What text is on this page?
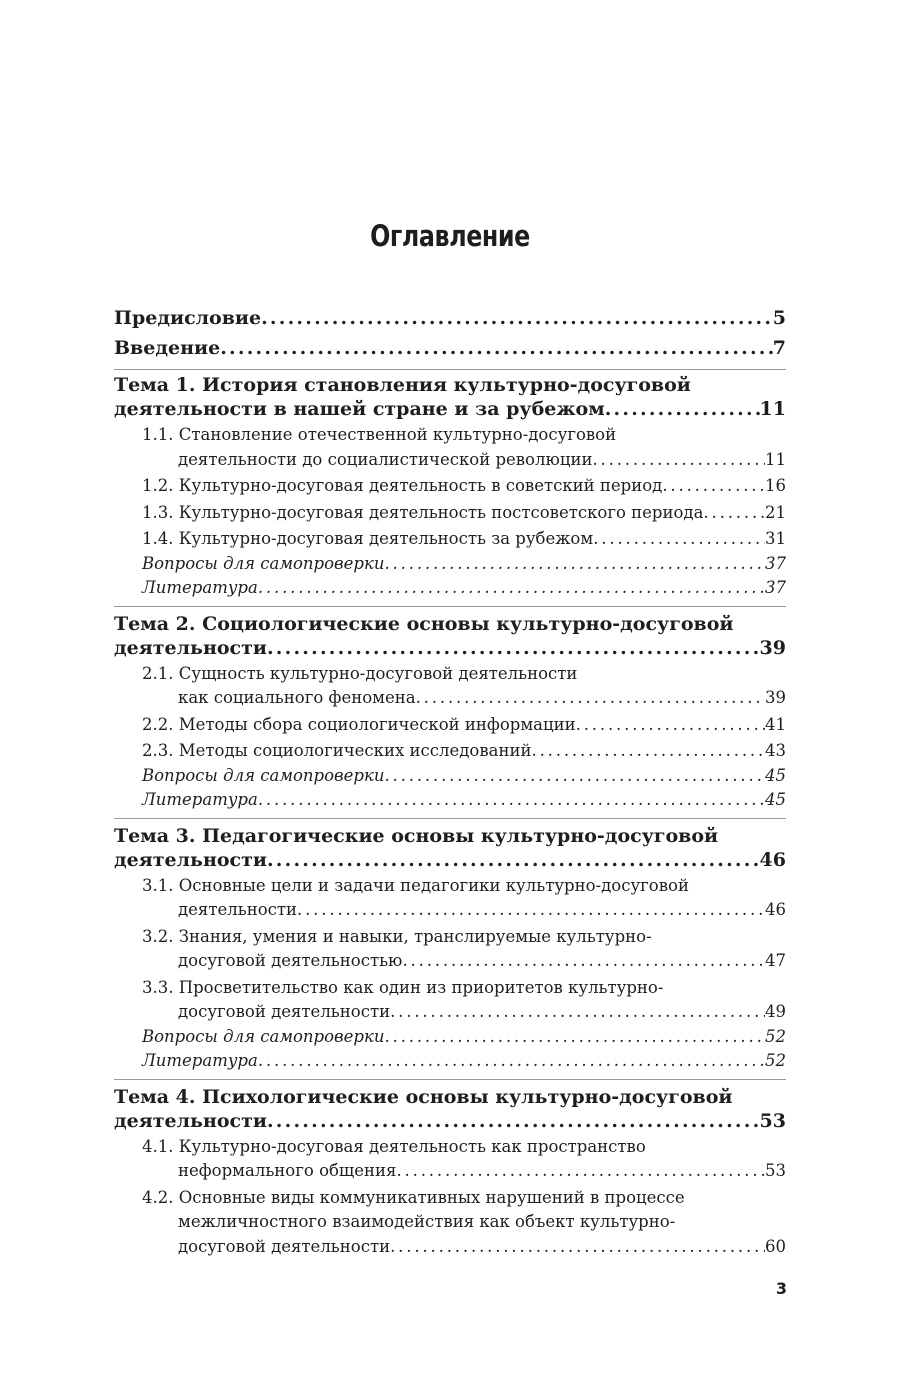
Оглавление
Предисловие . . .	5
Введение . . .	7
Тема 1. История становления культурно-досуговой
деятельности в нашей стране и за рубежом . . .	11
1.1. Становление отечественной культурно-досуговой
деятельности до социалистической революции . . .	11
1.2. Культурно-досуговая деятельность в советский период . . .	16
1.3. Культурно-досуговая деятельность постсоветского периода . . .	21
1.4. Культурно-досуговая деятельность за рубежом . . .	31
Вопросы для самопроверки . . .	37
Литература . . .	37
Тема 2. Социологические основы культурно-досуговой
деятельности . . .	39
2.1. Сущность культурно-досуговой деятельности
как социального феномена . . .	39
2.2. Методы сбора социологической информации . . .	41
2.3. Методы социологических исследований . . .	43
Вопросы для самопроверки . . .	45
Литература . . .	45
Тема 3. Педагогические основы культурно-досуговой
деятельности . . .	46
3.1. Основные цели и задачи педагогики культурно-досуговой
деятельности . . .	46
3.2. Знания, умения и навыки, транслируемые культурно-
досуговой деятельностью . . .	47
3.3. Просветительство как один из приоритетов культурно-
досуговой деятельности . . .	49
Вопросы для самопроверки . . .	52
Литература . . .	52
Тема 4. Психологические основы культурно-досуговой
деятельности . . .	53
4.1. Культурно-досуговая деятельность как пространство
неформального общения . . .	53
4.2. Основные виды коммуникативных нарушений в процессе
межличностного взаимодействия как объект культурно-
досуговой деятельности . . .	60
3
